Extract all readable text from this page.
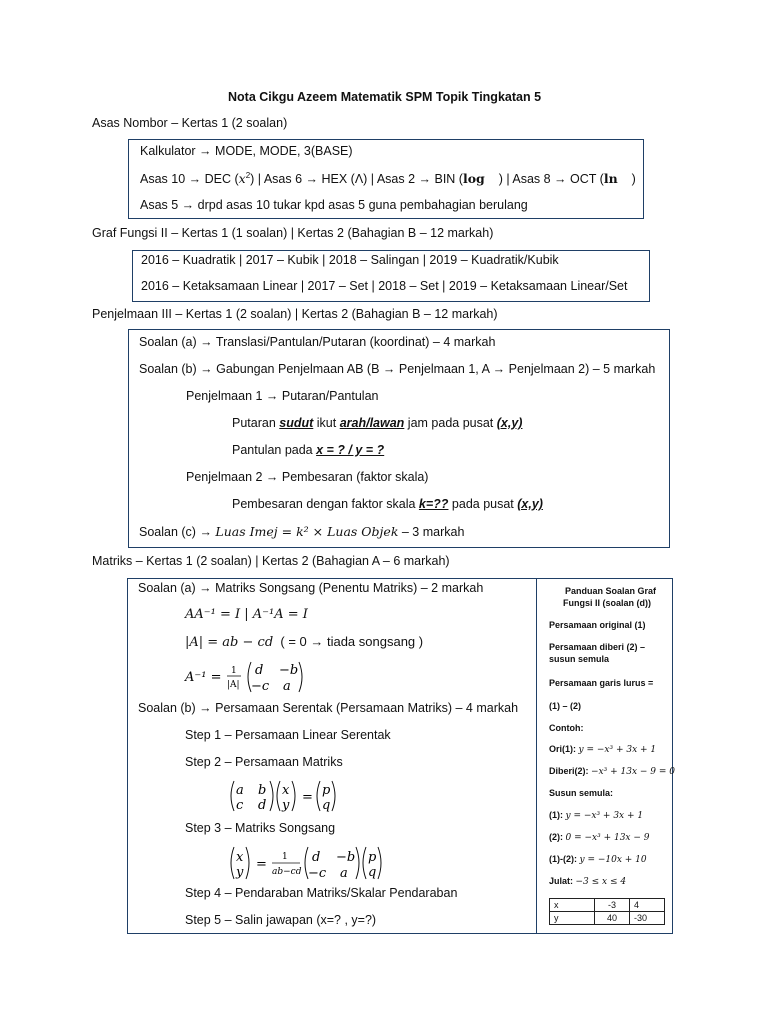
Nota Cikgu Azeem Matematik SPM Topik Tingkatan 5
Asas Nombor – Kertas 1 (2 soalan)
Kalkulator → MODE, MODE, 3(BASE)
Asas 10 → DEC $(x^2)$ | Asas 6 → HEX (Λ) | Asas 2 → BIN (log ) | Asas 8 → OCT (ln )
Asas 5 → drpd asas 10 tukar kpd asas 5 guna pembahagian berulang
Graf Fungsi II – Kertas 1 (1 soalan) | Kertas 2 (Bahagian B – 12 markah)
2016 – Kuadratik | 2017 – Kubik | 2018 – Salingan | 2019 – Kuadratik/Kubik
2016 – Ketaksamaan Linear | 2017 – Set | 2018 – Set | 2019 – Ketaksamaan Linear/Set
Penjelmaan III – Kertas 1 (2 soalan) | Kertas 2 (Bahagian B – 12 markah)
Soalan (a) → Translasi/Pantulan/Putaran (koordinat) – 4 markah
Soalan (b) → Gabungan Penjelmaan AB (B → Penjelmaan 1, A → Penjelmaan 2) – 5 markah
Penjelmaan 1 → Putaran/Pantulan
Putaran sudut ikut arah/lawan jam pada pusat (x,y)
Pantulan pada x = ? / y = ?
Penjelmaan 2 → Pembesaran (faktor skala)
Pembesaran dengan faktor skala k=?? pada pusat (x,y)
Soalan (c) → Luas Imej = k² × Luas Objek – 3 markah
Matriks – Kertas 1 (2 soalan) | Kertas 2 (Bahagian A – 6 markah)
Soalan (a) → Matriks Songsang (Penentu Matriks) – 2 markah
AA⁻¹ = I | A⁻¹A = I
|A| = ab − cd ( = 0 → tiada songsang )
A⁻¹ = 1
|A|
d −b
−c a
Soalan (b) → Persamaan Serentak (Persamaan Matriks) – 4 markah
Step 1 – Persamaan Linear Serentak
Step 2 – Persamaan Matriks
a b
c d
x
y
= p
q
Step 3 – Matriks Songsang
x
y
= 1
ab−cd
d −b
−c a
p
q
Step 4 – Pendaraban Matriks/Skalar Pendaraban
Step 5 – Salin jawapan (x=? , y=?)
Panduan Soalan Graf
Fungsi II (soalan (d))
Persamaan original (1)
Persamaan diberi (2) –
susun semula
Persamaan garis lurus =
(1) – (2)
Contoh:
Ori(1): y = −x³ + 3x + 1
Diberi(2): −x³ + 13x − 9 = 0
Susun semula:
(1): y = −x³ + 3x + 1
(2): 0 = −x³ + 13x − 9
(1)-(2): y = −10x + 10
Julat: −3 ≤ x ≤ 4
x	-3	4
y	40	-30
